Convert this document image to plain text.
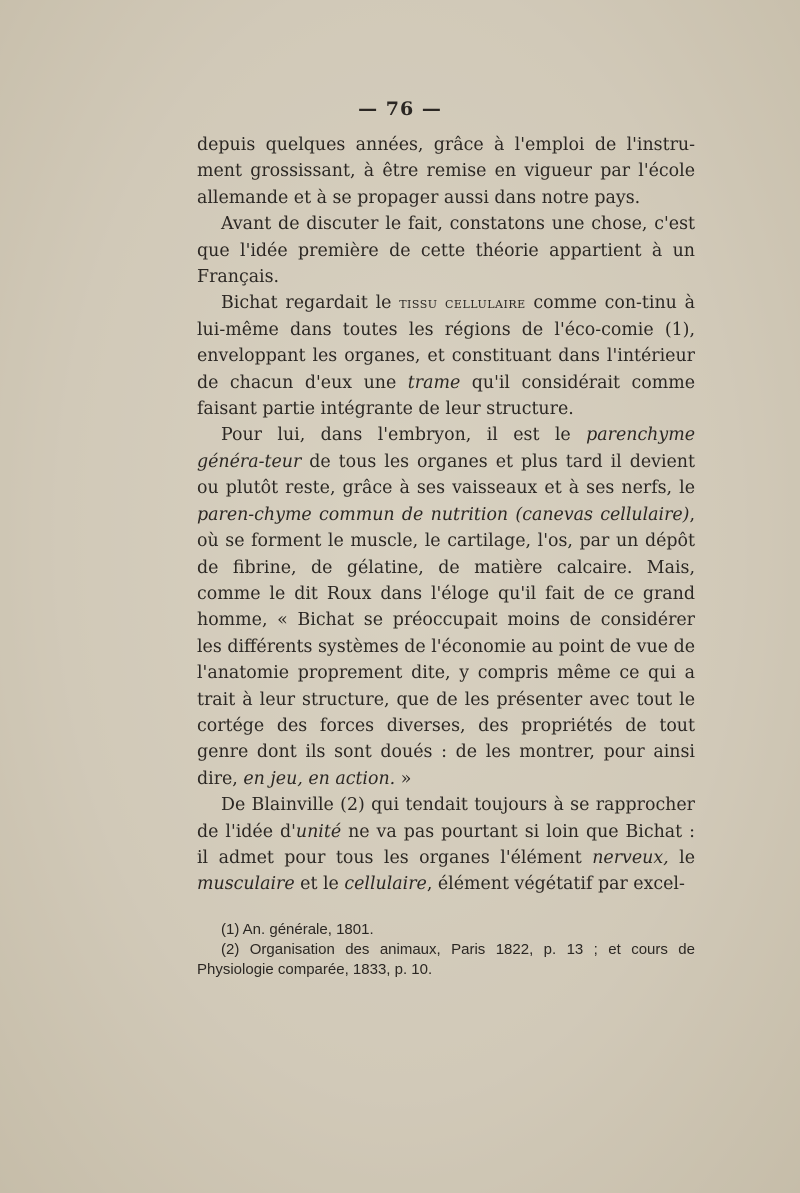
— 76 —

depuis quelques années, grâce à l'emploi de l'instru-ment grossissant, à être remise en vigueur par l'école allemande et à se propager aussi dans notre pays.

Avant de discuter le fait, constatons une chose, c'est que l'idée première de cette théorie appartient à un Français.

Bichat regardait le tissu cellulaire comme con-tinu à lui-même dans toutes les régions de l'éco-comie (1), enveloppant les organes, et constituant dans l'intérieur de chacun d'eux une trame qu'il considérait comme faisant partie intégrante de leur structure.

Pour lui, dans l'embryon, il est le parenchyme généra-teur de tous les organes et plus tard il devient ou plutôt reste, grâce à ses vaisseaux et à ses nerfs, le paren-chyme commun de nutrition (canevas cellulaire), où se forment le muscle, le cartilage, l'os, par un dépôt de fibrine, de gélatine, de matière calcaire. Mais, comme le dit Roux dans l'éloge qu'il fait de ce grand homme, « Bichat se préoccupait moins de considérer les différents systèmes de l'économie au point de vue de l'anatomie proprement dite, y compris même ce qui a trait à leur structure, que de les présenter avec tout le cortége des forces diverses, des propriétés de tout genre dont ils sont doués : de les montrer, pour ainsi dire, en jeu, en action. »

De Blainville (2) qui tendait toujours à se rapprocher de l'idée d'unité ne va pas pourtant si loin que Bichat : il admet pour tous les organes l'élément nerveux, le musculaire et le cellulaire, élément végétatif par excel-

(1) An. générale, 1801.

(2) Organisation des animaux, Paris 1822, p. 13 ; et cours de Physiologie comparée, 1833, p. 10.
